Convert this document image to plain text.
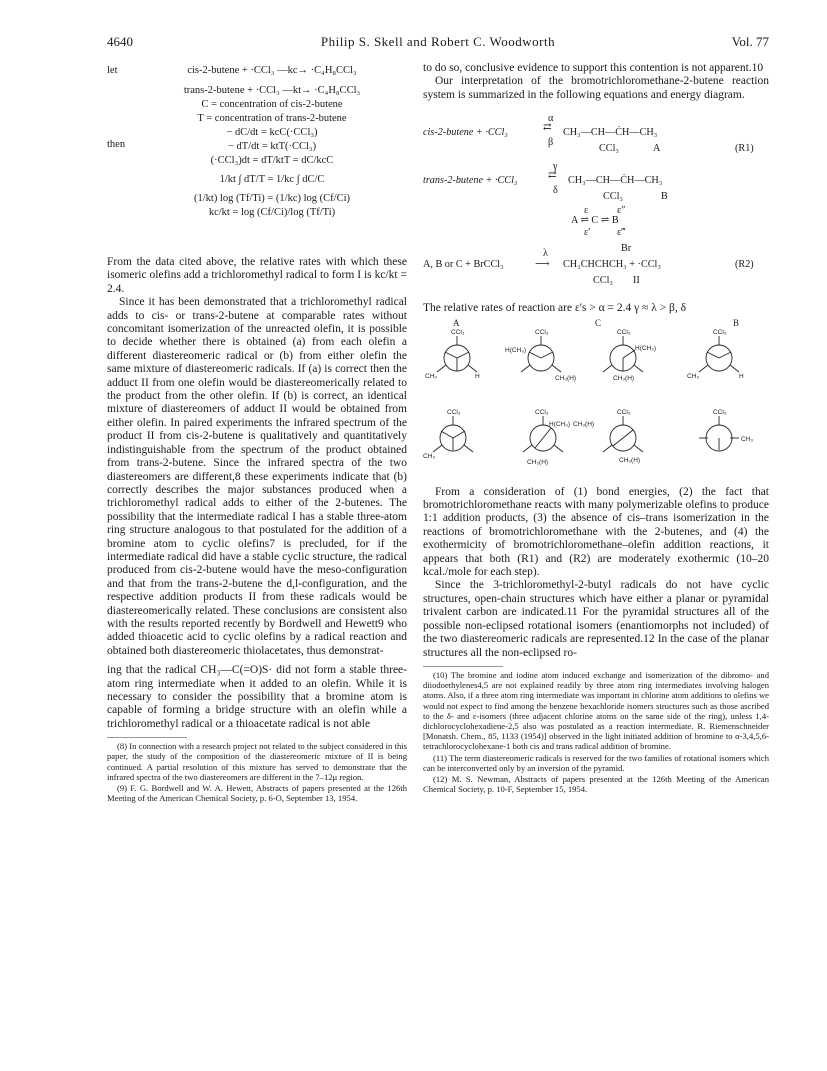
4640	Philip S. Skell and Robert C. Woodworth	Vol. 77
let
then
cis-2-butene + ·CCl₃ —kc→ ·C₄H₈CCl₃
trans-2-butene + ·CCl₃ —kt→ ·C₄H₈CCl₃
C = concentration of cis-2-butene
T = concentration of trans-2-butene
− dC/dt = kcC(·CCl₃)
− dT/dt = ktT(·CCl₃)
(·CCl₃)dt = dT/ktT = dC/kcC
1/kt ∫ dT/T = 1/kc ∫ dC/C
(1/kt) log (Tf/Ti) = (1/kc) log (Cf/Ci)
kc/kt = log (Cf/Ci)/log (Tf/Ti)

From the data cited above, the relative rates with which these isomeric olefins add a trichloromethyl radical to form I is kc/kt = 2.4.

Since it has been demonstrated that a trichloromethyl radical adds to cis- or trans-2-butene at comparable rates without concomitant isomerization of the unreacted olefin, it is possible to decide whether there is obtained (a) from each olefin a different diastereomeric radical or (b) from either olefin the same mixture of diastereomeric radicals. If (a) is correct then the adduct II from one olefin would be diastereomerically related to the product from the other olefin. If (b) is correct, an identical mixture of diastereomers of adduct II would be obtained from either olefin. In paired experiments the infrared spectrum of the product II from cis-2-butene is qualitatively and quantitatively indistinguishable from the spectrum of the product obtained from trans-2-butene. Since the infrared spectra of the two diastereomers are different,8 these experiments indicate that (b) correctly describes the major substances produced when a trichloromethyl radical adds to either of the 2-butenes. The possibility that the intermediate radical I has a stable three-atom ring structure analogous to that postulated for the addition of a bromine atom to cyclic olefins7 is precluded, for if the intermediate radical did have a stable cyclic structure, the radical produced from cis-2-butene would have the meso-configuration and that from the trans-2-butene the d,l-configuration, and the respective addition products II from these radicals would be diastereomerically related. These conclusions are consistent also with the results reported recently by Bordwell and Hewett9 who added thioacetic acid to cyclic olefins by a radical reaction and obtained both diastereomeric thiolacetates, thus demonstrat-

ing that the radical CH₃—C(=O)S· did not form a stable three-atom ring intermediate when it added to an olefin. While it is necessary to consider the possibility that a bromine atom is capable of forming a bridge structure with an olefin while a trichloromethyl radical or a thioacetate radical is not able

(8) In connection with a research project not related to the subject considered in this paper, the study of the composition of the diastereomeric mixture of II is being continued. A partial resolution of this mixture has served to demonstrate that the infrared spectra of the two diastereomers are different in the 7–12μ region.

(9) F. G. Bordwell and W. A. Hewett, Abstracts of papers presented at the 126th Meeting of the American Chemical Society, p. 6-O, September 13, 1954.

to do so, conclusive evidence to support this contention is not apparent.10

Our interpretation of the bromotrichloromethane-2-butene reaction system is summarized in the following equations and energy diagram.

cis-2-butene + ·CCl₃
α
⇄
β
CH₃—CH—ĊH—CH₃
CCl₃	A	(R1)
trans-2-butene + ·CCl₃
γ
⇄
δ
CH₃—CH—ĊH—CH₃
CCl₃	B
A ⇌ C ⇌ B
ε	ε″
ε′	ε‴
Br
A, B or C + BrCCl₃
λ
⟶ CH₃CHCHCH₃ + ·CCl₃	(R2)
CCl₃ II

The relative rates of reaction are ε's > α = 2.4 γ ≈ λ > β, δ

A	C	B
CCl₃
CH₃	H
CCl₃
H(CH₃)
CH₃(H)
CCl₃
H(CH₃)
CH₃(H)
CCl₃
CH₃	H
CCl₃
CH₃
CCl₃
H(CH₃)
CH₃(H)
CCl₃
CH₃(H)
CH₃(H)
CCl₃
CH₃

From a consideration of (1) bond energies, (2) the fact that bromotrichloromethane reacts with many polymerizable olefins to produce 1:1 addition products, (3) the absence of cis–trans isomerization in the reactions of bromotrichloromethane with the 2-butenes, and (4) the exothermicity of bromotrichloromethane–olefin addition reactions, it appears that both (R1) and (R2) are moderately exothermic (10–20 kcal./mole for each step).

Since the 3-trichloromethyl-2-butyl radicals do not have cyclic structures, open-chain structures which have either a planar or pyramidal trivalent carbon are indicated.11 For the pyramidal structures all of the possible non-eclipsed rotational isomers (enantiomorphs not included) of the two diastereomeric radicals are represented.12 In the case of the planar structures all the non-eclipsed ro-

(10) The bromine and iodine atom induced exchange and isomerization of the dibromo- and diiodoethylenes4,5 are not explained readily by three atom ring intermediates involving halogen atoms. Also, if a three atom ring intermediate was important in chlorine atom additions to olefins we would not expect to find among the benzene hexachloride isomers structures such as those ascribed to the δ- and ε-isomers (three adjacent chlorine atoms on the same side of the ring), unless 1,4-dichlorocyclohexadiene-2,5 also was postulated as a reaction intermediate. R. Riemenschneider [Monatsh. Chem., 85, 1133 (1954)] observed in the light initiated addition of bromine to α-3,4,5,6-tetrachlorocyclohexane-1 both cis and trans radical addition of bromine.

(11) The term diastereomeric radicals is reserved for the two families of rotational isomers which can be interconverted only by an inversion of the pyramid.

(12) M. S. Newman, Abstracts of papers presented at the 126th Meeting of the American Chemical Society, p. 10-F, September 15, 1954.
